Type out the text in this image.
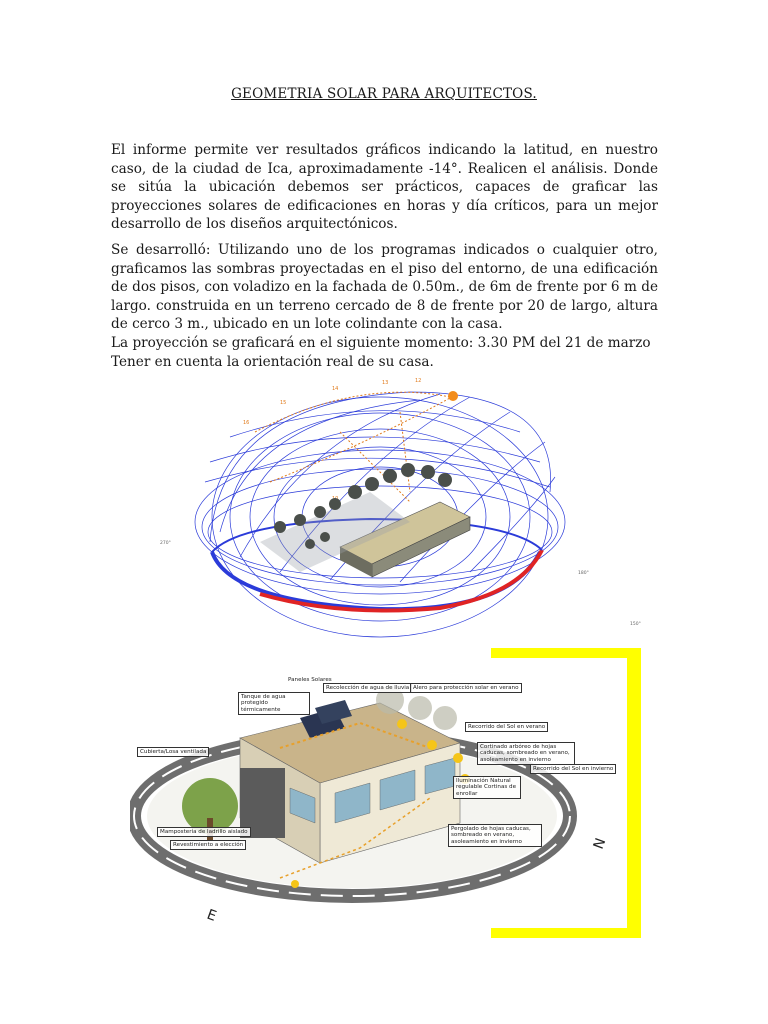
GEOMETRIA SOLAR PARA ARQUITECTOS.

El informe permite ver resultados gráficos indicando la latitud, en nuestro caso, de la ciudad de Ica, aproximadamente -14°. Realicen el análisis. Donde se sitúa la ubicación debemos ser prácticos, capaces de graficar las proyecciones solares de edificaciones en horas y día críticos, para un mejor desarrollo de los diseños arquitectónicos.

Se desarrolló: Utilizando uno de los programas indicados o cualquier otro, graficamos las sombras proyectadas en el piso del entorno, de una edificación de dos pisos, con voladizo en la fachada de 0.50m., de 6m de frente por 6 m de largo. construida en un terreno cercado de 8 de frente por 20 de largo, altura de cerco 3 m., ubicado en un lote colindante con la casa.
La proyección se graficará en el siguiente momento: 3.30 PM del 21 de marzo
Tener en cuenta la orientación real de su casa.
15
16
14
13	12
270°
180°
150°
N
E
Paneles Solares
Tanque de agua protegido térmicamente
Recolección de agua de lluvia Alero para protección solar en verano
Cubierta/Losa ventilada
Recorrido del Sol en verano
Cortinado arbóreo de hojas caducas, sombreado en verano, asoleamiento en invierno
Recorrido del Sol en invierno
Iluminación Natural regulable Cortinas de enrollar
Mampostería de ladrillo aislado
Revestimiento a elección
Pergolado de hojas caducas, sombreado en verano, asoleamiento en invierno
